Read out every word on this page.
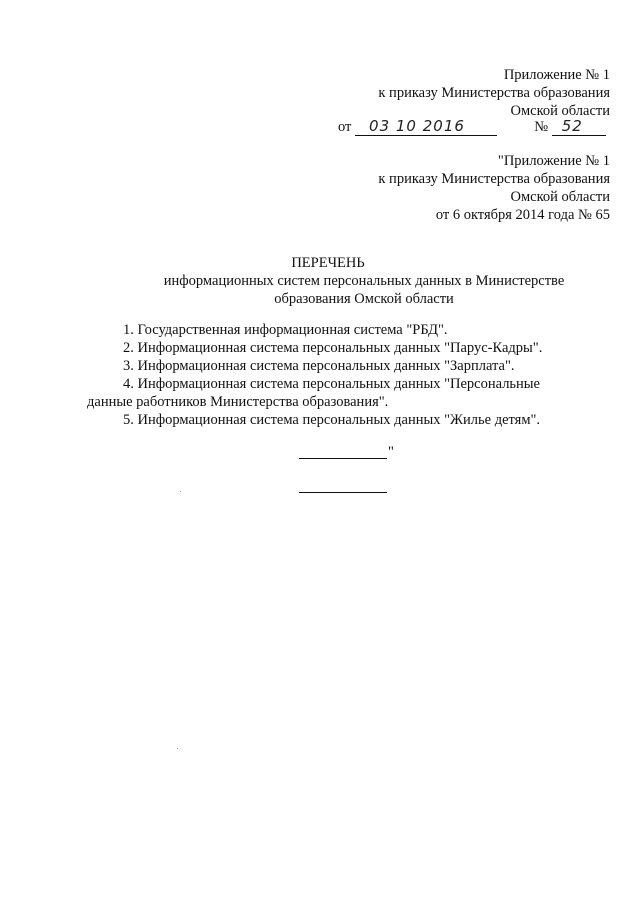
Приложение № 1
к приказу Министерства образования
Омской области
от 03 10 2016	№ 52
"Приложение № 1
к приказу Министерства образования
Омской области
от 6 октября 2014 года № 65
ПЕРЕЧЕНЬ
информационных систем персональных данных в Министерстве
образования Омской области
1. Государственная информационная система "РБД".
2. Информационная система персональных данных "Парус-Кадры".
3. Информационная система персональных данных "Зарплата".
4. Информационная система персональных данных "Персональные
данные работников Министерства образования".
5. Информационная система персональных данных "Жилье детям".
"
